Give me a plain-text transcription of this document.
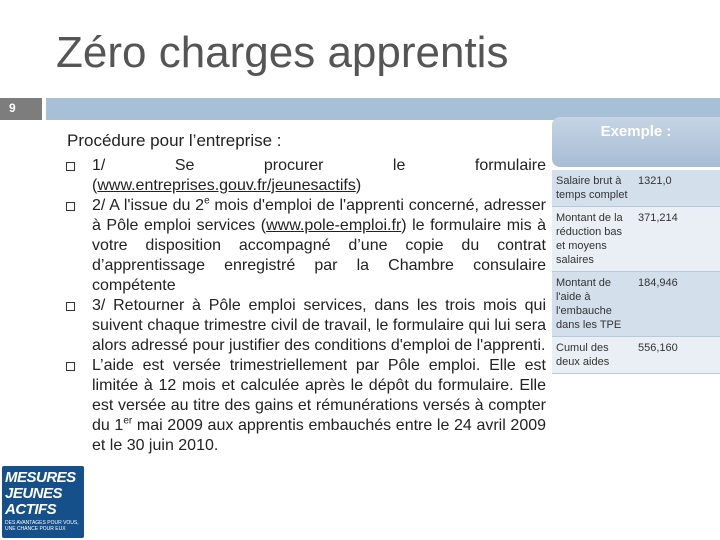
Zéro charges apprentis
9
Procédure pour l’entreprise :
1/ Se procurer le formulaire (www.entreprises.gouv.fr/jeunesactifs)
2/ A l'issue du 2e mois d'emploi de l'apprenti concerné, adresser à Pôle emploi services (www.pole-emploi.fr) le formulaire mis à votre disposition accompagné d’une copie du contrat d’apprentissage enregistré par la Chambre consulaire compétente
3/ Retourner à Pôle emploi services, dans les trois mois qui suivent chaque trimestre civil de travail, le formulaire qui lui sera alors adressé pour justifier des conditions d'emploi de l'apprenti.
L’aide est versée trimestriellement par Pôle emploi. Elle est limitée à 12 mois et calculée après le dépôt du formulaire. Elle est versée au titre des gains et rémunérations versés à compter du 1er mai 2009 aux apprentis embauchés entre le 24 avril 2009 et le 30 juin 2010.
Exemple :
Salaire brut à temps complet	1321,0
Montant de la réduction bas et moyens salaires	371,214
Montant de l'aide à l'embauche dans les TPE	184,946
Cumul des deux aides	556,160
MESURES
JEUNES
ACTIFS
DES AVANTAGES POUR VOUS, UNE CHANCE POUR EUX
